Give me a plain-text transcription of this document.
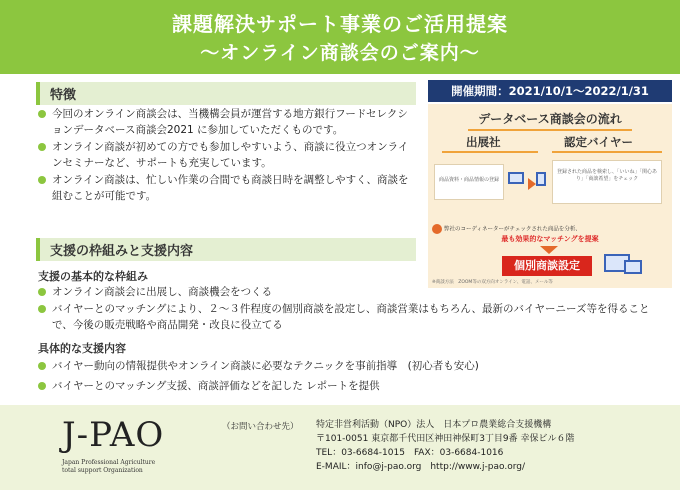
課題解決サポート事業のご活用提案
〜オンライン商談会のご案内〜
特徴
今回のオンライン商談会は、当機構会員が運営する地方銀行フードセレクションデータベース商談会2021 に参加していただくものです。
オンライン商談が初めての方でも参加しやすいよう、商談に役立つオンラインセミナーなど、サポートも充実しています。
オンライン商談は、忙しい作業の合間でも商談日時を調整しやすく、商談を組むことが可能です。
支援の枠組みと支援内容
支援の基本的な枠組み
オンライン商談会に出展し、商談機会をつくる
バイヤーとのマッチングにより、２〜３件程度の個別商談を設定し、商談営業はもちろん、最新のバイヤーニーズ等を得ることで、今後の販売戦略や商品開発・改良に役立てる
具体的な支援内容
バイヤー動向の情報提供やオンライン商談に必要なテクニックを事前指導　(初心者も安心)
バイヤーとのマッチング支援、商談評価などを記した レポートを提供
開催期間：2021/10/1〜2022/1/31
データベース商談会の流れ
出展社	認定バイヤー
商品資料・商品情報の登録
登録された商品を検索し、「いいね」「関心あり」「商談希望」をチェック
弊社のコーディネーターがチェックされた商品を分析、
最も効果的なマッチングを提案
個別商談設定
※商談方法　ZOOM等の双方向オンライン、電話、メール等
J-PAO
Japan Professional Agriculture
total support Organization
（お問い合わせ先） 特定非営利活動（NPO）法人　日本プロ農業総合支援機構
〒101-0051 東京都千代田区神田神保町3丁目9番 幸保ビル６階
TEL：03-6684-1015　FAX：03-6684-1016
E-MAIL：info@j-pao.org　http://www.j-pao.org/
